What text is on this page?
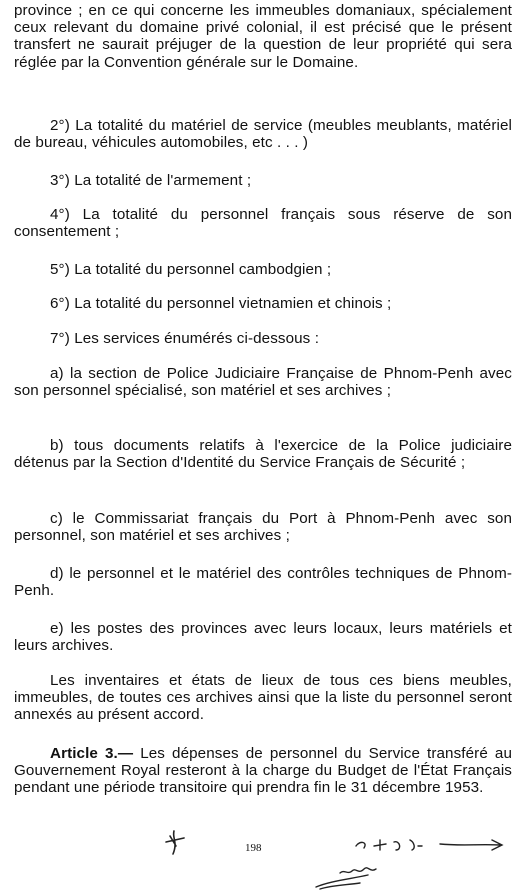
province ; en ce qui concerne les immeubles domaniaux, spécialement ceux relevant du domaine privé colonial, il est précisé que le présent transfert ne saurait préjuger de la question de leur propriété qui sera réglée par la Convention générale sur le Domaine.

2°) La totalité du matériel de service (meubles meublants, matériel de bureau, véhicules automobiles, etc . . . )

3°) La totalité de l'armement ;

4°) La totalité du personnel français sous réserve de son consentement ;

5°) La totalité du personnel cambodgien ;

6°) La totalité du personnel vietnamien et chinois ;

7°) Les services énumérés ci-dessous :

a) la section de Police Judiciaire Française de Phnom-Penh avec son personnel spécialisé, son matériel et ses archives ;

b) tous documents relatifs à l'exercice de la Police judiciaire détenus par la Section d'Identité du Service Français de Sécurité ;

c) le Commissariat français du Port à Phnom-Penh avec son personnel, son matériel et ses archives ;

d) le personnel et le matériel des contrôles techniques de Phnom-Penh.

e) les postes des provinces avec leurs locaux, leurs matériels et leurs archives.

Les inventaires et états de lieux de tous ces biens meubles, immeubles, de toutes ces archives ainsi que la liste du personnel seront annexés au présent accord.

Article 3.— Les dépenses de personnel du Service transféré au Gouvernement Royal resteront à la charge du Budget de l'État Français pendant une période transitoire qui prendra fin le 31 décembre 1953.

198
